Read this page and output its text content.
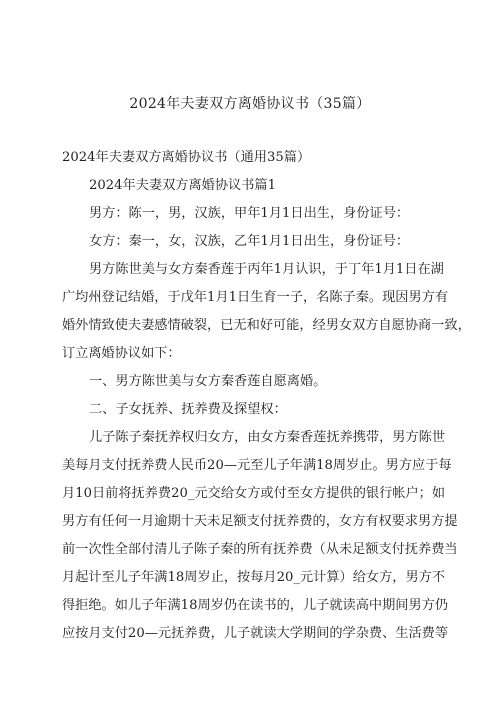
2024年夫妻双方离婚协议书（35篇）
2024年夫妻双方离婚协议书（通用35篇）
2024年夫妻双方离婚协议书篇1
男方：陈一，男，汉族，甲年1月1日出生，身份证号：
女方：秦一，女，汉族，乙年1月1日出生，身份证号：
男方陈世美与女方秦香莲于丙年1月认识，于丁年1月1日在湖
广均州登记结婚，于戊年1月1日生育一子，名陈子秦。现因男方有
婚外情致使夫妻感情破裂，已无和好可能，经男女双方自愿协商一致，
订立离婚协议如下：
一、男方陈世美与女方秦香莲自愿离婚。
二、子女抚养、抚养费及探望权：
儿子陈子秦抚养权归女方，由女方秦香莲抚养携带，男方陈世
美每月支付抚养费人民币20—元至儿子年满18周岁止。男方应于每
月10日前将抚养费20_元交给女方或付至女方提供的银行帐户；如
男方有任何一月逾期十天未足额支付抚养费的，女方有权要求男方提
前一次性全部付清儿子陈子秦的所有抚养费（从未足额支付抚养费当
月起计至儿子年满18周岁止，按每月20_元计算）给女方，男方不
得拒绝。如儿子年满18周岁仍在读书的，儿子就读高中期间男方仍
应按月支付20—元抚养费，儿子就读大学期间的学杂费、生活费等
